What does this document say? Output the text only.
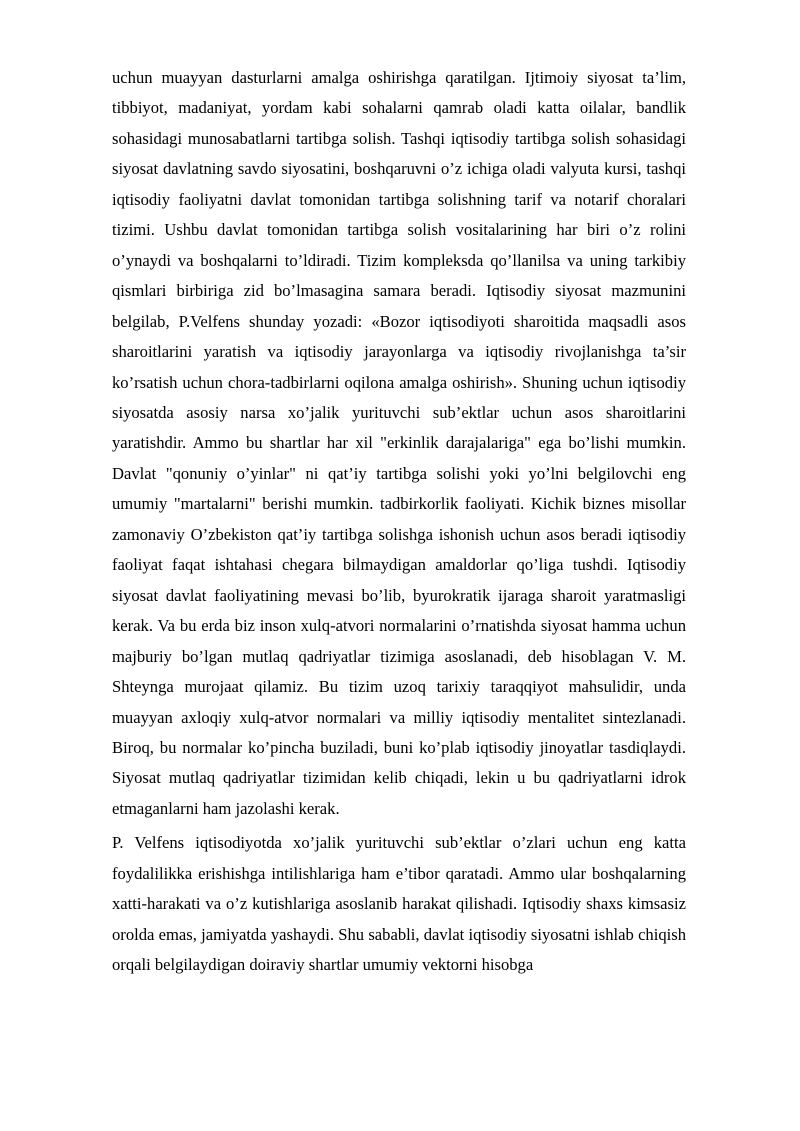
uchun muayyan dasturlarni amalga oshirishga qaratilgan. Ijtimoiy siyosat ta’lim, tibbiyot, madaniyat, yordam kabi sohalarni qamrab oladi katta oilalar, bandlik sohasidagi munosabatlarni tartibga solish. Tashqi iqtisodiy tartibga solish sohasidagi siyosat davlatning savdo siyosatini, boshqaruvni o’z ichiga oladi valyuta kursi, tashqi iqtisodiy faoliyatni davlat tomonidan tartibga solishning tarif va notarif choralari tizimi. Ushbu davlat tomonidan tartibga solish vositalarining har biri o’z rolini o’ynaydi va boshqalarni to’ldiradi. Tizim kompleksda qo’llanilsa va uning tarkibiy qismlari birbiriga zid bo’lmasagina samara beradi. Iqtisodiy siyosat mazmunini belgilab, P.Velfens shunday yozadi: «Bozor iqtisodiyoti sharoitida maqsadli asos sharoitlarini yaratish va iqtisodiy jarayonlarga va iqtisodiy rivojlanishga ta’sir ko’rsatish uchun chora-tadbirlarni oqilona amalga oshirish». Shuning uchun iqtisodiy siyosatda asosiy narsa xo’jalik yurituvchi sub’ektlar uchun asos sharoitlarini yaratishdir. Ammo bu shartlar har xil "erkinlik darajalariga" ega bo’lishi mumkin. Davlat "qonuniy o’yinlar" ni qat’iy tartibga solishi yoki yo’lni belgilovchi eng umumiy "martalarni" berishi mumkin. tadbirkorlik faoliyati. Kichik biznes misollar zamonaviy O’zbekiston qat’iy tartibga solishga ishonish uchun asos beradi iqtisodiy faoliyat faqat ishtahasi chegara bilmaydigan amaldorlar qo’liga tushdi. Iqtisodiy siyosat davlat faoliyatining mevasi bo’lib, byurokratik ijaraga sharoit yaratmasligi kerak. Va bu erda biz inson xulq-atvori normalarini o’rnatishda siyosat hamma uchun majburiy bo’lgan mutlaq qadriyatlar tizimiga asoslanadi, deb hisoblagan V. M. Shteynga murojaat qilamiz. Bu tizim uzoq tarixiy taraqqiyot mahsulidir, unda muayyan axloqiy xulq-atvor normalari va milliy iqtisodiy mentalitet sintezlanadi. Biroq, bu normalar ko’pincha buziladi, buni ko’plab iqtisodiy jinoyatlar tasdiqlaydi. Siyosat mutlaq qadriyatlar tizimidan kelib chiqadi, lekin u bu qadriyatlarni idrok etmaganlarni ham jazolashi kerak.

P. Velfens iqtisodiyotda xo’jalik yurituvchi sub’ektlar o’zlari uchun eng katta foydalilikka erishishga intilishlariga ham e’tibor qaratadi. Ammo ular boshqalarning xatti-harakati va o’z kutishlariga asoslanib harakat qilishadi. Iqtisodiy shaxs kimsasiz orolda emas, jamiyatda yashaydi. Shu sababli, davlat iqtisodiy siyosatni ishlab chiqish orqali belgilaydigan doiraviy shartlar umumiy vektorni hisobga
